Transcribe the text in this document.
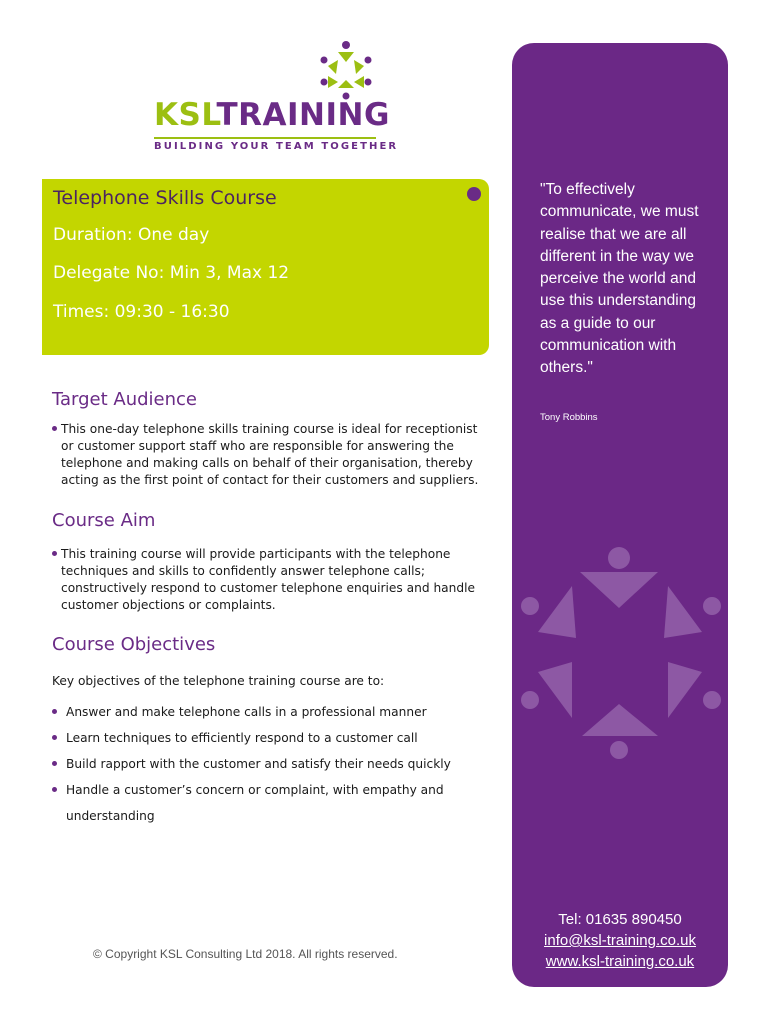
KSLTRAINING
BUILDING YOUR TEAM TOGETHER
Telephone Skills Course
Duration: One day
Delegate No: Min 3, Max 12
Times: 09:30 - 16:30
Target Audience
This one-day telephone skills training course is ideal for receptionist or customer support staff who are responsible for answering the telephone and making calls on behalf of their organisation, thereby acting as the first point of contact for their customers and suppliers.
Course Aim
This training course will provide participants with the telephone techniques and skills to confidently answer telephone calls; constructively respond to customer telephone enquiries and handle customer objections or complaints.
Course Objectives
Key objectives of the telephone training course are to:
Answer and make telephone calls in a professional manner
Learn techniques to efficiently respond to a customer call
Build rapport with the customer and satisfy their needs quickly
Handle a customer’s concern or complaint, with empathy and understanding
"To effectively communicate, we must realise that we are all different in the way we perceive the world and use this understanding as a guide to our communication with others."
Tony Robbins
Tel: 01635 890450
info@ksl-training.co.uk
www.ksl-training.co.uk
© Copyright KSL Consulting Ltd 2018. All rights reserved.
